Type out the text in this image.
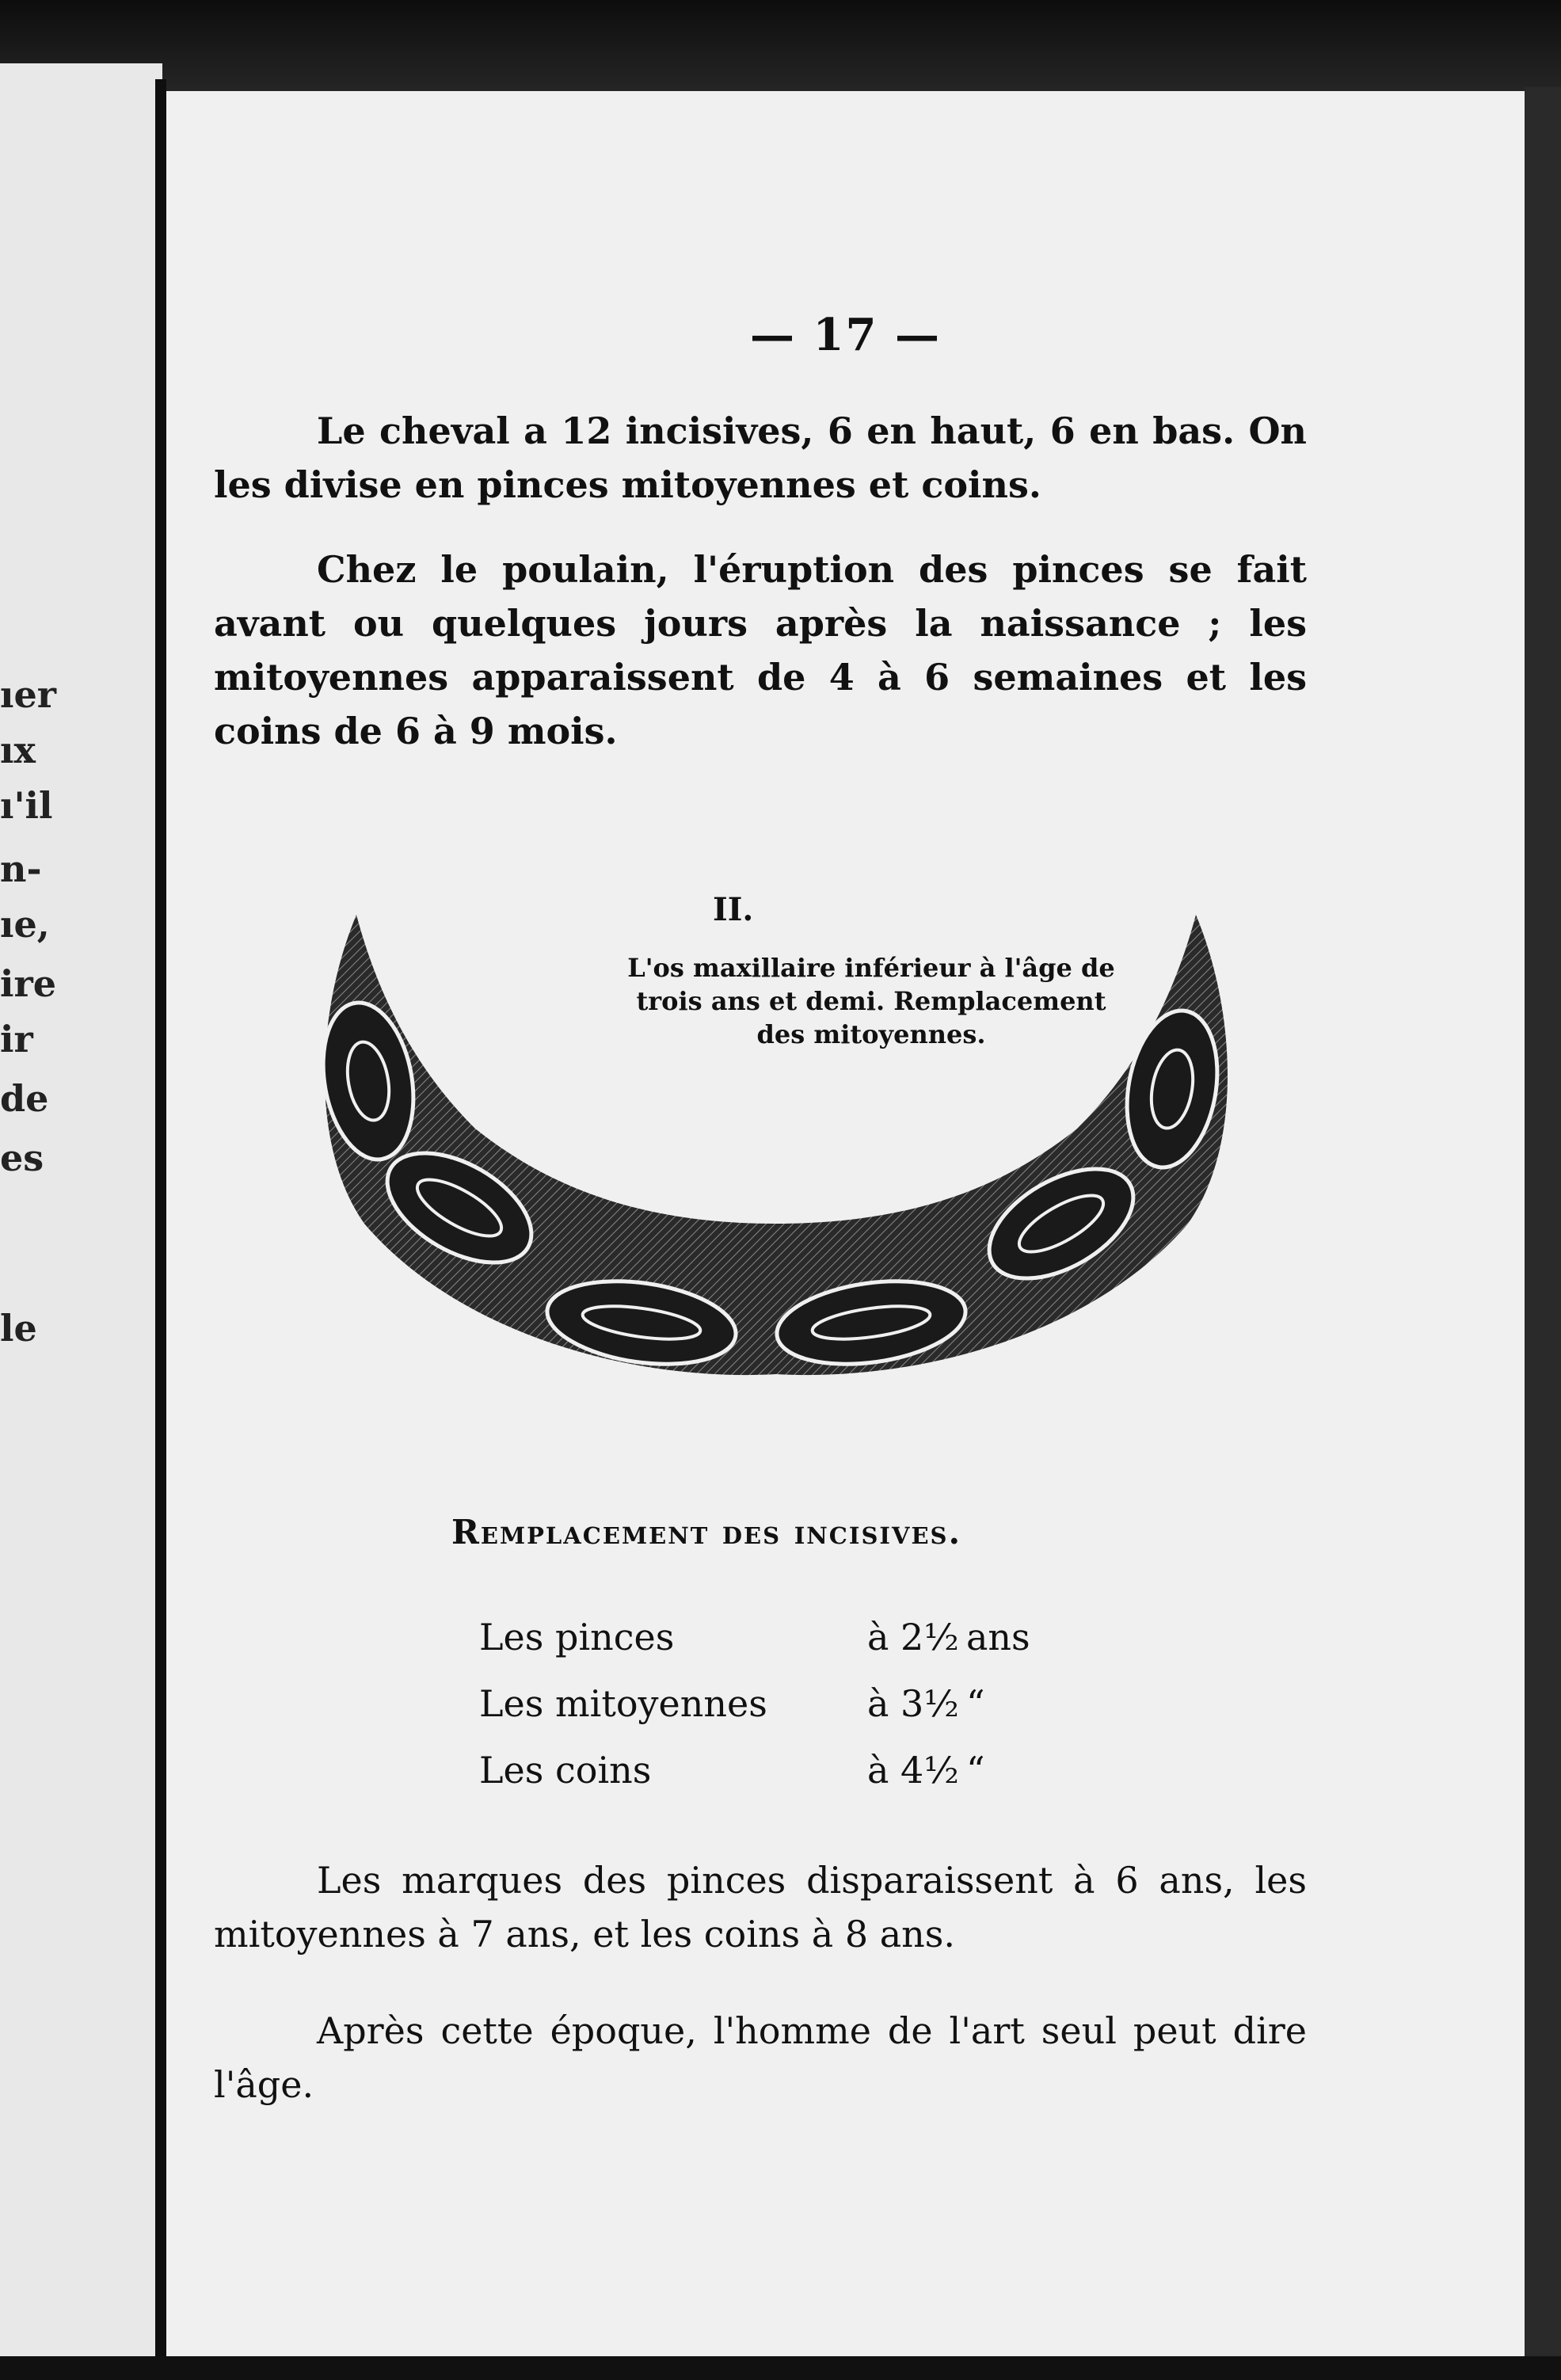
ıer
ıx
ı'il
n-
ıe,
ire
ir
de
es
le
— 17 —

Le cheval a 12 incisives, 6 en haut, 6 en bas. On les divise en pinces mitoyennes et coins.

Chez le poulain, l'éruption des pinces se fait avant ou quelques jours après la naissance ; les mitoyennes apparaissent de 4 à 6 semaines et les coins de 6 à 9 mois.

II.
L'os maxillaire inférieur à l'âge de trois ans et demi. Remplacement des mitoyennes.
Remplacement des incisives.
Les pinces	à 2½ ans
Les mitoyennes	à 3½ “
Les coins	à 4½ “

Les marques des pinces disparaissent à 6 ans, les mitoyennes à 7 ans, et les coins à 8 ans.

Après cette époque, l'homme de l'art seul peut dire l'âge.
